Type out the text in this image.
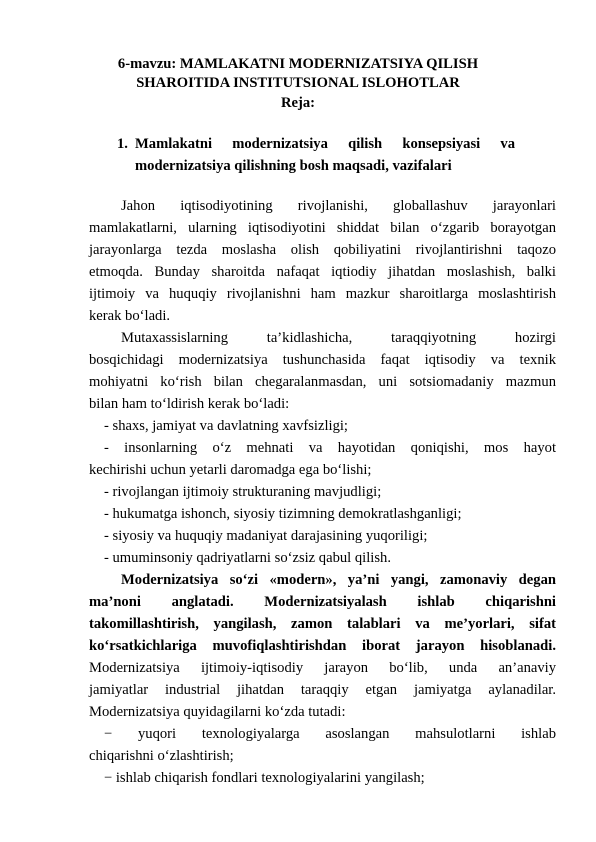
6-mavzu: MAMLAKATNI MODERNIZATSIYA QILISH
SHAROITIDA INSTITUTSIONAL ISLOHOTLAR
Reja:
1. Mamlakatni modernizatsiya qilish konsepsiyasi va
modernizatsiya qilishning bosh maqsadi, vazifalari
Jahon iqtisodiyotining rivojlanishi, globallashuv jarayonlari
mamlakatlarni, ularning iqtisodiyotini shiddat bilan o‘zgarib borayotgan
jarayonlarga tezda moslasha olish qobiliyatini rivojlantirishni taqozo
etmoqda. Bunday sharoitda nafaqat iqtiodiy jihatdan moslashish, balki
ijtimoiy va huquqiy rivojlanishni ham mazkur sharoitlarga moslashtirish
kerak bo‘ladi.
Mutaxassislarning ta’kidlashicha, taraqqiyotning hozirgi
bosqichidagi modernizatsiya tushunchasida faqat iqtisodiy va texnik
mohiyatni ko‘rish bilan chegaralanmasdan, uni sotsiomadaniy mazmun
bilan ham to‘ldirish kerak bo‘ladi:
- shaxs, jamiyat va davlatning xavfsizligi;
- insonlarning o‘z mehnati va hayotidan qoniqishi, mos hayot
kechirishi uchun yetarli daromadga ega bo‘lishi;
- rivojlangan ijtimoiy strukturaning mavjudligi;
- hukumatga ishonch, siyosiy tizimning demokratlashganligi;
- siyosiy va huquqiy madaniyat darajasining yuqoriligi;
- umuminsoniy qadriyatlarni so‘zsiz qabul qilish.
Modernizatsiya so‘zi «modern», ya’ni yangi, zamonaviy degan
ma’noni anglatadi. Modernizatsiyalash ishlab chiqarishni
takomillashtirish, yangilash, zamon talablari va me’yorlari, sifat
ko‘rsatkichlariga muvofiqlashtirishdan iborat jarayon hisoblanadi.
Modernizatsiya ijtimoiy-iqtisodiy jarayon bo‘lib, unda an’anaviy
jamiyatlar industrial jihatdan taraqqiy etgan jamiyatga aylanadilar.
Modernizatsiya quyidagilarni ko‘zda tutadi:
− yuqori texnologiyalarga asoslangan mahsulotlarni ishlab
chiqarishni o‘zlashtirish;
− ishlab chiqarish fondlari texnologiyalarini yangilash;
